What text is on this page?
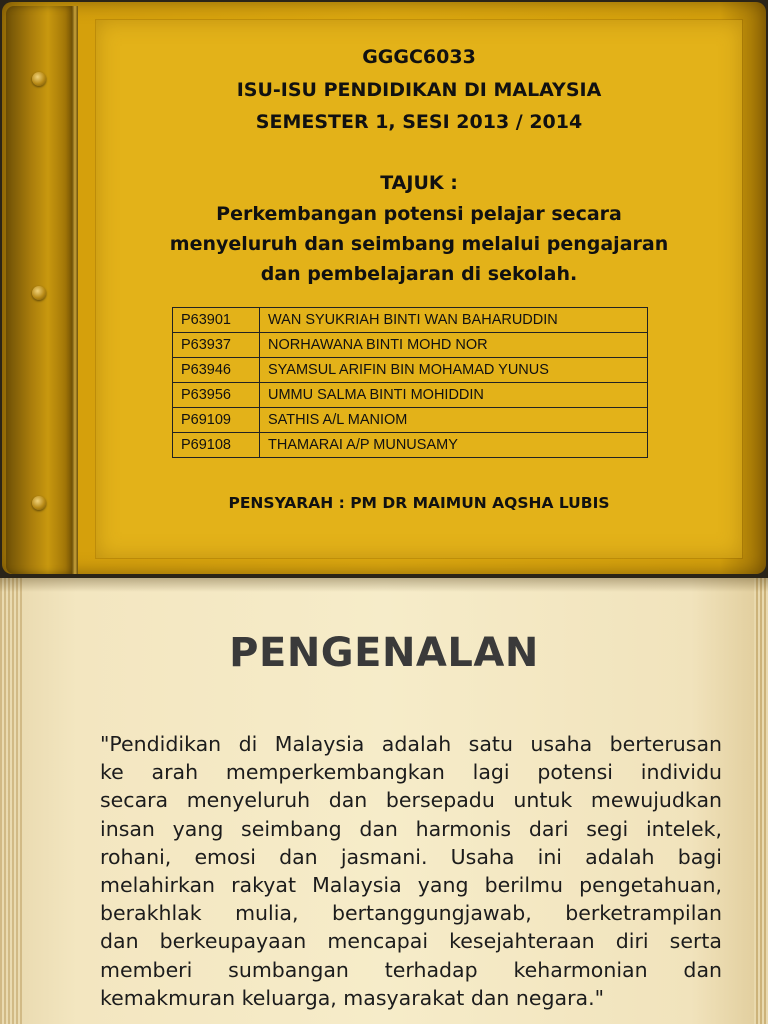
GGGC6033
ISU-ISU PENDIDIKAN DI MALAYSIA
SEMESTER 1, SESI 2013 / 2014
TAJUK :
Perkembangan potensi pelajar secara
menyeluruh dan seimbang melalui pengajaran
dan pembelajaran di sekolah.
P63901	WAN SYUKRIAH BINTI WAN BAHARUDDIN
P63937	NORHAWANA BINTI MOHD NOR
P63946	SYAMSUL ARIFIN BIN MOHAMAD YUNUS
P63956	UMMU SALMA BINTI MOHIDDIN
P69109	SATHIS A/L MANIOM
P69108	THAMARAI A/P MUNUSAMY
PENSYARAH : PM DR MAIMUN AQSHA LUBIS
PENGENALAN
"Pendidikan di Malaysia adalah satu usaha berterusan
ke arah memperkembangkan lagi potensi individu
secara menyeluruh dan bersepadu untuk mewujudkan
insan yang seimbang dan harmonis dari segi intelek,
rohani, emosi dan jasmani. Usaha ini adalah bagi
melahirkan rakyat Malaysia yang berilmu pengetahuan,
berakhlak mulia, bertanggungjawab, berketrampilan
dan berkeupayaan mencapai kesejahteraan diri serta
memberi sumbangan terhadap keharmonian dan
kemakmuran keluarga, masyarakat dan negara."
